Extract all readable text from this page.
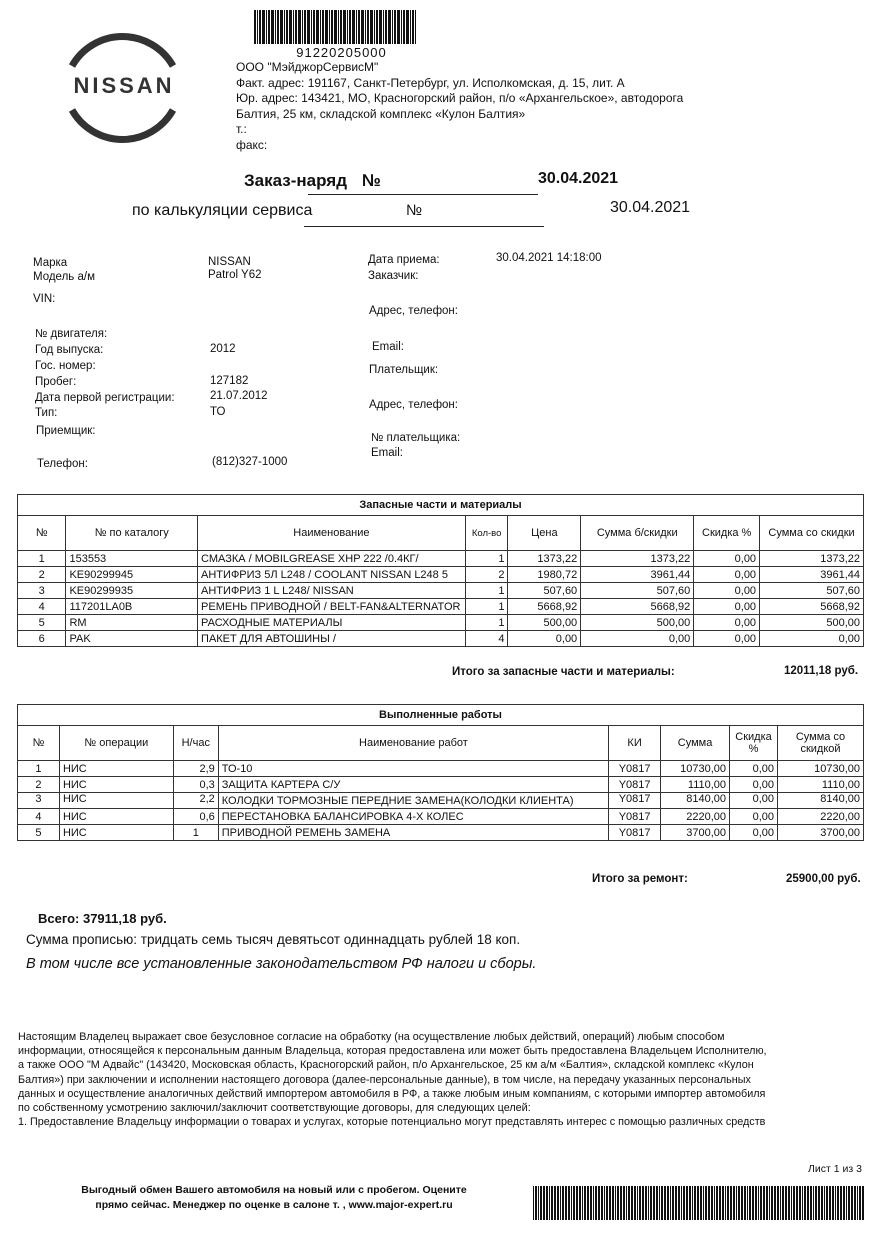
NISSAN
91220205000
ООО "МэйджорСервисМ"
Факт. адрес: 191167, Санкт-Петербург, ул. Исполкомская, д. 15, лит. А
Юр. адрес: 143421, МО, Красногорский район, п/о «Архангельское», автодорога
Балтия, 25 км, складской комплекс «Кулон Балтия»
т.:
факс:
Заказ-наряд №	30.04.2021
по калькуляции сервиса	№	30.04.2021
Марка	NISSAN
Модель а/м	Patrol Y62
VIN:
№ двигателя:
Год выпуска:	2012
Гос. номер:
Пробег:	127182
Дата первой регистрации:	21.07.2012
Тип:	ТО
Приемщик:
Телефон:	(812)327-1000
Дата приема:	30.04.2021 14:18:00
Заказчик:
Адрес, телефон:
Email:
Плательщик:
Адрес, телефон:
№ плательщика:
Email:
Запасные части и материалы							
№	№ по каталогу	Наименование	Кол-во	Цена	Сумма б/скидки	Скидка %	Сумма со скидки
1	153553	СМАЗКА / MOBILGREASE XHP 222 /0.4КГ/	1	1373,22	1373,22	0,00	1373,22
2	KE90299945	АНТИФРИЗ 5Л L248 / COOLANT NISSAN L248 5	2	1980,72	3961,44	0,00	3961,44
3	KE90299935	АНТИФРИЗ 1 L L248/ NISSAN	1	507,60	507,60	0,00	507,60
4	117201LA0B	РЕМЕНЬ ПРИВОДНОЙ / BELT-FAN&ALTERNATOR	1	5668,92	5668,92	0,00	5668,92
5	RM	РАСХОДНЫЕ МАТЕРИАЛЫ	1	500,00	500,00	0,00	500,00
6	PAK	ПАКЕТ ДЛЯ АВТОШИНЫ /	4	0,00	0,00	0,00	0,00
Итого за запасные части и материалы:	12011,18 руб.
Выполненные работы							
№	№ операции	Н/час	Наименование работ	КИ	Сумма	Скидка %	Сумма со скидкой
1	НИС	2,9	ТО-10	Y0817	10730,00	0,00	10730,00
2	НИС	0,3	ЗАЩИТА КАРТЕРА С/У	Y0817	1110,00	0,00	1110,00
3	НИС	2,2	КОЛОДКИ ТОРМОЗНЫЕ ПЕРЕДНИЕ ЗАМЕНА(КОЛОДКИ КЛИЕНТА)	Y0817	8140,00	0,00	8140,00
4	НИС	0,6	ПЕРЕСТАНОВКА БАЛАНСИРОВКА 4-Х КОЛЕС	Y0817	2220,00	0,00	2220,00
5	НИС	1	ПРИВОДНОЙ РЕМЕНЬ ЗАМЕНА	Y0817	3700,00	0,00	3700,00
Итого за ремонт:	25900,00 руб.
Всего: 37911,18 руб.
Сумма прописью: тридцать семь тысяч девятьсот одиннадцать рублей 18 коп.
В том числе все установленные законодательством РФ налоги и сборы.
Настоящим Владелец выражает свое безусловное согласие на обработку (на осуществление любых действий, операций) любым способом
информации, относящейся к персональным данным Владельца, которая предоставлена или может быть предоставлена Владельцем Исполнителю,
а также ООО "М Адвайс" (143420, Московская область, Красногорский район, п/о Архангельское, 25 км а/м «Балтия», складской комплекс «Кулон
Балтия») при заключении и исполнении настоящего договора (далее-персональные данные), в том числе, на передачу указанных персональных
данных и осуществление аналогичных действий импортером автомобиля в РФ, а также любым иным компаниям, с которыми импортер автомобиля
по собственному усмотрению заключил/заключит соответствующие договоры, для следующих целей:
1. Предоставление Владельцу информации о товарах и услугах, которые потенциально могут представлять интерес с помощью различных средств
Лист 1 из 3
Выгодный обмен Вашего автомобиля на новый или с пробегом. Оцените
прямо сейчас. Менеджер по оценке в салоне т. , www.major-expert.ru
